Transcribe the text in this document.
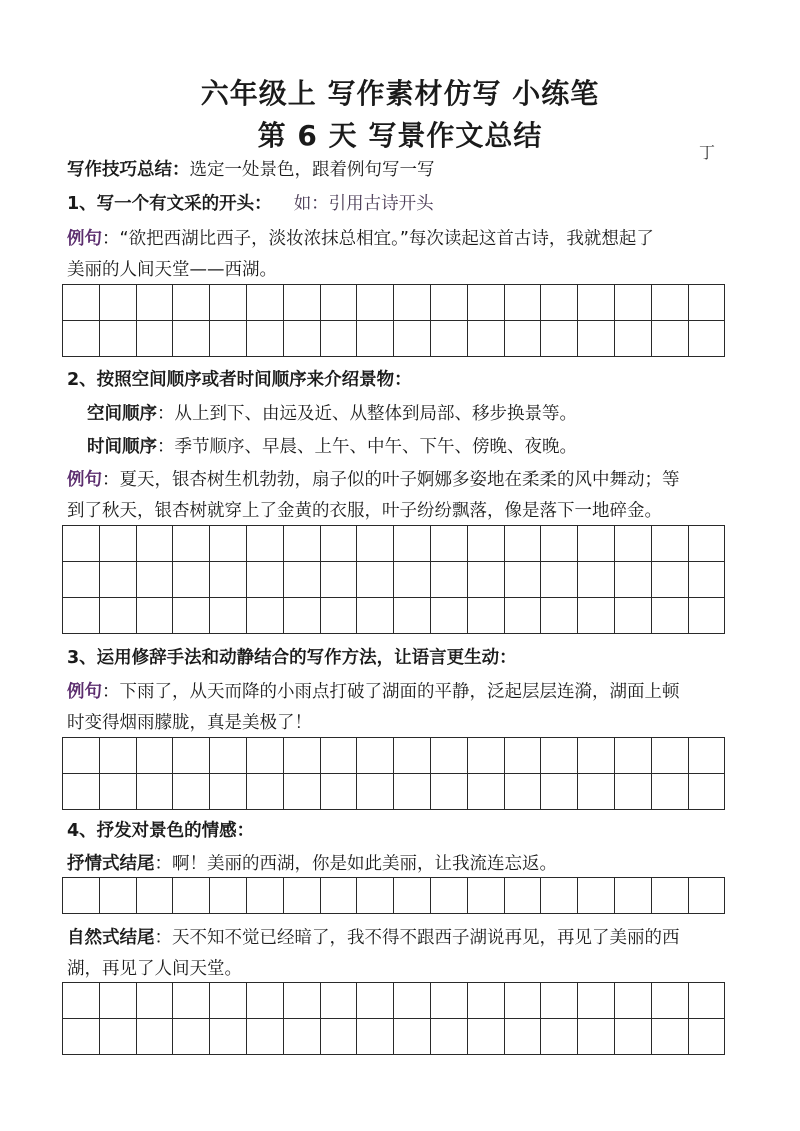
六年级上 写作素材仿写 小练笔
第 6 天 写景作文总结
丁
写作技巧总结：选定一处景色，跟着例句写一写
1、写一个有文采的开头： 如：引用古诗开头
例句：“欲把西湖比西子，淡妆浓抹总相宜。”每次读起这首古诗，我就想起了
美丽的人间天堂——西湖。

2、按照空间顺序或者时间顺序来介绍景物：
空间顺序：从上到下、由远及近、从整体到局部、移步换景等。
时间顺序：季节顺序、早晨、上午、中午、下午、傍晚、夜晚。
例句：夏天，银杏树生机勃勃，扇子似的叶子婀娜多姿地在柔柔的风中舞动；等
到了秋天，银杏树就穿上了金黄的衣服，叶子纷纷飘落，像是落下一地碎金。

3、运用修辞手法和动静结合的写作方法，让语言更生动：
例句：下雨了，从天而降的小雨点打破了湖面的平静，泛起层层连漪，湖面上顿
时变得烟雨朦胧，真是美极了！

4、抒发对景色的情感：
抒情式结尾：啊！美丽的西湖，你是如此美丽，让我流连忘返。

自然式结尾：天不知不觉已经暗了，我不得不跟西子湖说再见，再见了美丽的西
湖，再见了人间天堂。
